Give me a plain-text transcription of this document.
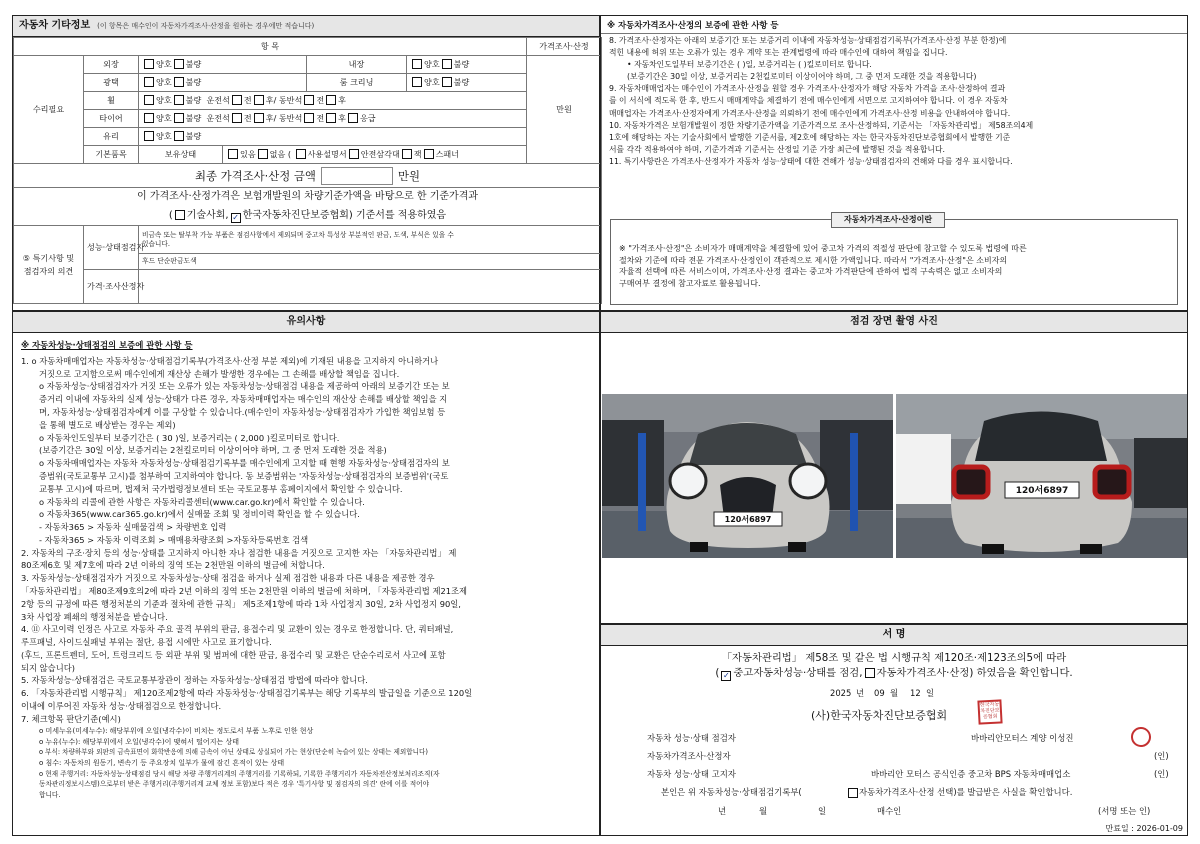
자동차 기타정보 (이 항목은 매수인이 자동차가격조사·산정을 원하는 경우에만 적습니다)
항 목						가격조사·산정	
수리필요	외장	양호 불량		내장	양호 불량	만원	
	광택	양호 불량		룸 크리닝	양호 불량		
	휠	양호 불량 운전석 전 후/ 동반석 전 후					
	타이어	양호 불량 운전석 전 후/ 동반석 전 후 응급					
	유리	양호 불량					
	기본품목	보유상태	있음 없음 ( 사용설명서 안전삼각대 잭 스패너				
최종 가격조사·산정 금액 만원							
이 가격조사·산정가격은 보험개발원의 차량기준가액을 바탕으로 한 기준가격과							
( 기술사회, ✓ 한국자동차진단보증협회) 기준서를 적용하였음							
⑤ 특기사항 및
점검자의 의견	성능·상태점검자	비금속 또는 탈부착 가능 부품은 점검사항에서 제외되며 중고차 특성상 부분적인 판금, 도색, 부식은 있을 수
있습니다.					
		후드 단순판금도색					
	가격·조사산정자						
※ 자동차가격조사·산정의 보증에 관한 사항 등

8. 가격조사·산정자는 아래의 보증기간 또는 보증거리 이내에 자동차성능·상태점검기록부(가격조사·산정 부분 한정)에

적힌 내용에 허위 또는 오류가 있는 경우 계약 또는 관계법령에 따라 매수인에 대하여 책임을 집니다.

• 자동차인도일부터 보증기간은 ( )일, 보증거리는 ( )킬로미터로 합니다.

(보증기간은 30일 이상, 보증거리는 2천킬로미터 이상이어야 하며, 그 중 먼저 도래한 것을 적용합니다)

9. 자동차매매업자는 매수인이 가격조사·산정을 원할 경우 가격조사·산정자가 해당 자동차 가격을 조사·산정하여 결과

를 이 서식에 적도록 한 후, 반드시 매매계약을 체결하기 전에 매수인에게 서면으로 고지하여야 합니다. 이 경우 자동차

매매업자는 가격조사·산정자에게 가격조사·산정을 의뢰하기 전에 매수인에게 가격조사·산정 비용을 안내하여야 합니다.

10. 자동차가격은 보험개발원이 정한 차량기준가액을 기준가격으로 조사·산정하되, 기준서는 「자동차관리법」 제58조의4제

1호에 해당하는 자는 기술사회에서 발행한 기준서를, 제2호에 해당하는 자는 한국자동차진단보증협회에서 발행한 기준

서를 각각 적용하여야 하며, 기준가격과 기준서는 산정일 기준 가장 최근에 발행된 것을 적용합니다.

11. 특기사항란은 가격조사·산정자가 자동차 성능·상태에 대한 견해가 성능·상태점검자의 견해와 다를 경우 표시합니다.

자동차가격조사·산정이란

※ "가격조사·산정"은 소비자가 매매계약을 체결함에 있어 중고차 가격의 적절성 판단에 참고할 수 있도록 법령에 따른

절차와 기준에 따라 전문 가격조사·산정인이 객관적으로 제시한 가액입니다. 따라서 "가격조사·산정"은 소비자의

자율적 선택에 따른 서비스이며, 가격조사·산정 결과는 중고차 가격판단에 관하여 법적 구속력은 없고 소비자의

구매여부 결정에 참고자료로 활용됩니다.

유의사항
※ 자동차성능·상태점검의 보증에 관한 사항 등

1. o 자동차매매업자는 자동차성능·상태점검기록부(가격조사·산정 부분 제외)에 기재된 내용을 고지하지 아니하거나

거짓으로 고지함으로써 매수인에게 재산상 손해가 발생한 경우에는 그 손해를 배상할 책임을 집니다.

o 자동차성능·상태점검자가 거짓 또는 오류가 있는 자동차성능·상태점검 내용을 제공하여 아래의 보증기간 또는 보

증거리 이내에 자동차의 실제 성능·상태가 다른 경우, 자동차매매업자는 매수인의 재산상 손해를 배상할 책임을 지

며, 자동차성능·상태점검자에게 이를 구상할 수 있습니다.(매수인이 자동차성능·상태점검자가 가입한 책임보험 등

을 통해 별도로 배상받는 경우는 제외)

o 자동차인도일부터 보증기간은 ( 30 )일, 보증거리는 ( 2,000 )킬로미터로 합니다.

(보증기간은 30일 이상, 보증거리는 2천킬로미터 이상이어야 하며, 그 중 먼저 도래한 것을 적용)

o 자동차매매업자는 자동차 자동차성능·상태점검기록부를 매수인에게 고지할 때 현행 자동차성능·상태점검자의 보

증범위(국토교통부 고시)를 첨부하여 고지하여야 합니다. 동 보증범위는 '자동차성능·상태점검자의 보증범위'(국토

교통부 고시)에 따르며, 법제처 국가법령정보센터 또는 국토교통부 홈페이지에서 확인할 수 있습니다.

o 자동차의 리콜에 관한 사항은 자동차리콜센터(www.car.go.kr)에서 확인할 수 있습니다.

o 자동차365(www.car365.go.kr)에서 실매물 조회 및 정비이력 확인을 할 수 있습니다.

- 자동차365 > 자동차 실매물검색 > 차량번호 입력

- 자동차365 > 자동차 이력조회 > 매매용차량조회 >자동차등록번호 검색

2. 자동차의 구조·장치 등의 성능·상태를 고지하지 아니한 자나 점검한 내용을 거짓으로 고지한 자는 「자동차관리법」 제

80조제6호 및 제7호에 따라 2년 이하의 징역 또는 2천만원 이하의 벌금에 처합니다.

3. 자동차성능·상태점검자가 거짓으로 자동차성능·상태 점검을 하거나 실제 점검한 내용과 다른 내용을 제공한 경우

「자동차관리법」 제80조제9호의2에 따라 2년 이하의 징역 또는 2천만원 이하의 벌금에 처하며, 「자동차관리법 제21조제

2항 등의 규정에 따른 행정처분의 기준과 절차에 관한 규칙」 제5조제1항에 따라 1차 사업정지 30일, 2차 사업정지 90일,

3차 사업장 폐쇄의 행정처분을 받습니다.

4. ⑪ 사고이력 인정은 사고로 자동차 주요 골격 부위의 판금, 용접수리 및 교환이 있는 경우로 한정합니다. 단, 쿼터패널,

루프패널, 사이드실패널 부위는 절단, 용접 시에만 사고로 표기합니다.

(후드, 프론트펜더, 도어, 트렁크리드 등 외판 부위 및 범퍼에 대한 판금, 용접수리 및 교환은 단순수리로서 사고에 포함

되지 않습니다)

5. 자동차성능·상태점검은 국토교통부장관이 정하는 자동차성능·상태점검 방법에 따라야 합니다.

6. 「자동차관리법 시행규칙」 제120조제2항에 따라 자동차성능·상태점검기록부는 해당 기록부의 발급일을 기준으로 120일

이내에 이루어진 자동차 성능·상태점검으로 한정합니다.

7. 체크항목 판단기준(예시)

o 미세누유(미세누수): 해당부위에 오일(냉각수)이 비치는 정도로서 부품 노후로 인한 현상

o 누유(누수): 해당부위에서 오일(냉각수)이 맺혀서 떨어지는 상태

o 부식: 차량하부와 외판의 금속표면이 화학반응에 의해 금속이 아닌 상태로 상실되어 가는 현상(단순히 녹슬어 있는 상태는 제외합니다)

o 침수: 자동차의 원동기, 변속기 등 주요장치 일부가 물에 잠긴 흔적이 있는 상태

o 현재 주행거리: 자동차성능·상태점검 당시 해당 차량 주행거리계의 주행거리를 기록하되, 기록한 주행거리가 자동차전산정보처리조직(자

동차관리정보시스템)으로부터 받은 주행거리(주행거리계 교체 정보 포함)보다 적은 경우 '특기사항 및 점검자의 의견' 란에 이를 적어야

합니다.

점검 장면 촬영 사진
120서6897
120서6897
서 명
「자동차관리법」 제58조 및 같은 법 시행규칙 제120조·제123조의5에 따라
( ✓ 중고자동차성능·상태를 점검, 자동차가격조사·산정) 하였음을 확인합니다.
2025 년 09 월 12 일
(사)한국자동차진단보증협회
한국자동차진단보증협회
자동차 성능·상태 점검자	바바리안모터스 계양 이성진
자동차가격조사·산정자	(인)
자동차 성능·상태 고지자	바바리안 모터스 공식인증 중고차 BPS 자동차매매업소	(인)
본인은 위 자동차성능·상태점검기록부(	자동차가격조사·산정 선택)를 발급받은 사실을 확인합니다.
년	월	일	매수인	(서명 또는 인)
만료일 : 2026-01-09
